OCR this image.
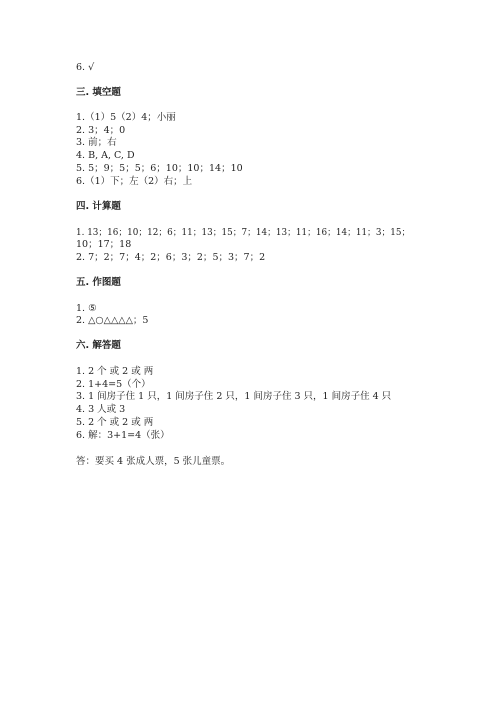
6. √
三. 填空题
1.（1）5（2）4；小丽
2. 3；4；0
3. 前；右
4. B, A, C, D
5. 5；9；5；5；6；10；10；14；10
6.（1）下；左（2）右；上
四. 计算题
1. 13；16；10；12；6；11；13；15；7；14；13；11；16；14；11；3；15；
10；17；18
2. 7；2；7；4；2；6；3；2；5；3；7；2
五. 作图题
1. ⑤
2. △○△△△△；5
六. 解答题
1. 2 个 或 2 或 两
2. 1+4=5（个）
3. 1 间房子住 1 只，1 间房子住 2 只，1 间房子住 3 只，1 间房子住 4 只
4. 3 人或 3
5. 2 个 或 2 或 两
6. 解：3+1=4（张）
答：要买 4 张成人票，5 张儿童票。
